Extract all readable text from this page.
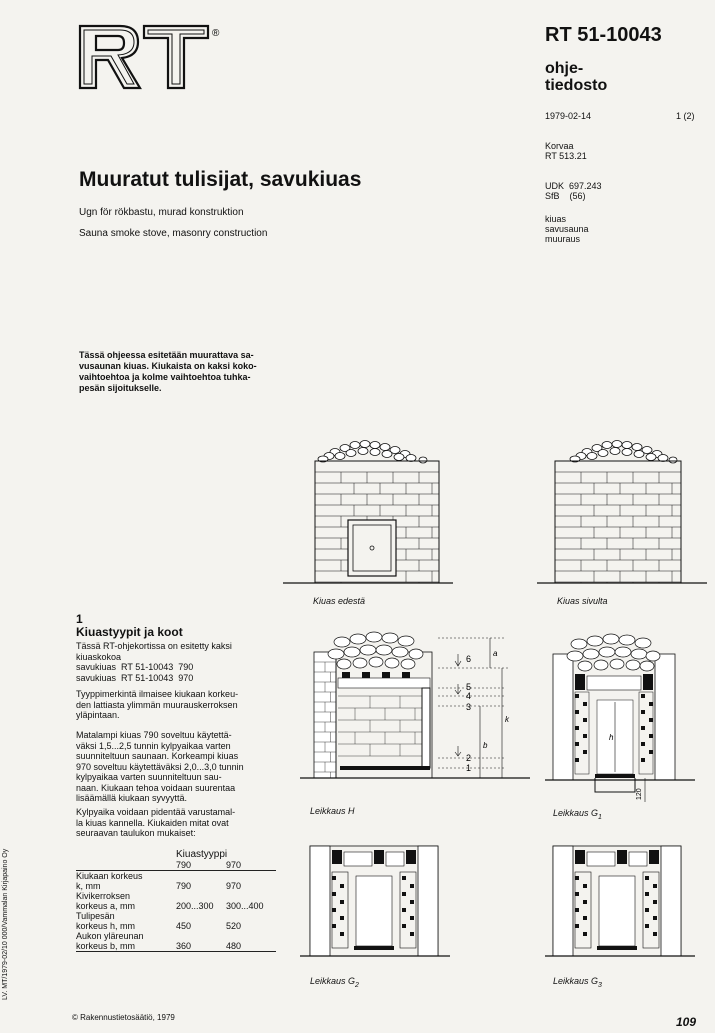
®	RT 51-10043
ohje-
tiedosto
1979-02-14	1 (2)
Korvaa
RT 513.21
UDK  697.243
SfB    (56)
kiuas
savusauna
muuraus
Muuratut tulisijat, savukiuas
Ugn för rökbastu, murad konstruktion
Sauna smoke stove, masonry construction
Tässä ohjeessa esitetään muurattava sa-
vusaunan kiuas. Kiukaista on kaksi koko-
vaihtoehtoa ja kolme vaihtoehtoa tuhka-
pesän sijoitukselle.
1
Kiuastyypit ja koot
Tässä RT-ohjekortissa on esitetty kaksi
kiuaskokoa
savukiuas  RT 51-10043  790
savukiuas  RT 51-10043  970
Tyyppimerkintä ilmaisee kiukaan korkeu-
den lattiasta ylimmän muurauskerroksen
yläpintaan.
Matalampi kiuas 790 soveltuu käytettä-
väksi 1,5...2,5 tunnin kylpyaikaa varten
suunniteltuun saunaan. Korkeampi kiuas
970 soveltuu käytettäväksi 2,0...3,0 tunnin
kylpyaikaa varten suunniteltuun sau-
naan. Kiukaan tehoa voidaan suurentaa
lisäämällä kiukaan syvyyttä.
Kylpyaika voidaan pidentää varustamal-
la kiuas kannella. Kiukaiden mitat ovat
seuraavan taulukon mukaiset:
	Kiuastyyppi	
	790	970

Kiukaan korkeus
k, mm	790	970

Kivikerroksen
korkeus a, mm	200...300	300...400

Tulipesän
korkeus h, mm	450	520

Aukon yläreunan
korkeus b, mm	360	480
Kiuas edestä	Kiuas sivulta
6
5
4
3
2
1
a
k
b
Leikkaus H
h
120
Leikkaus $G_1$
Leikkaus $G_2$	Leikkaus $G_3$
© Rakennustietosäätiö, 1979	109
LV. MT/1979-02/10 000/Vammalan Kirjapaino Oy
